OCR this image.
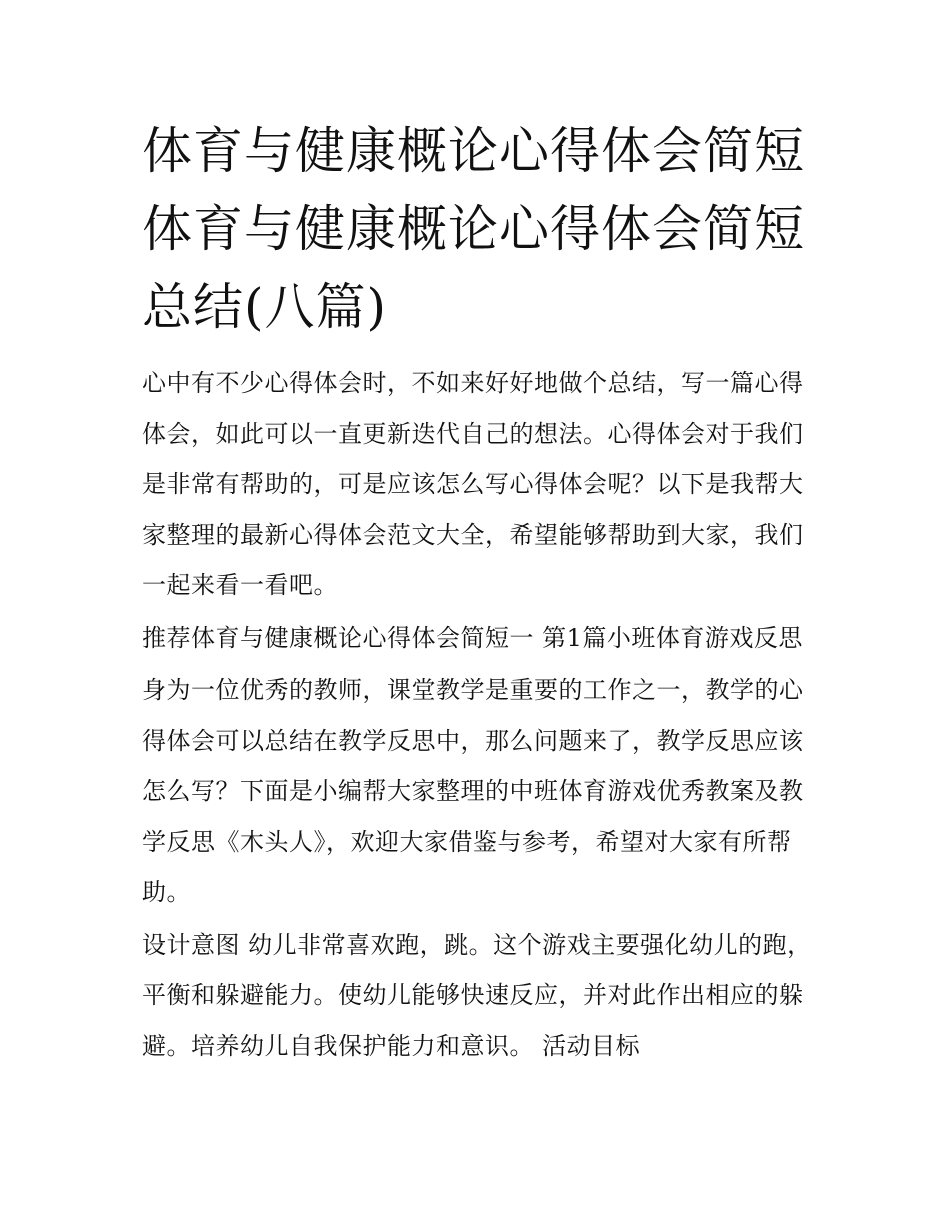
体育与健康概论心得体会简短
体育与健康概论心得体会简短
总结(八篇)

心中有不少心得体会时，不如来好好地做个总结，写一篇心得体会，如此可以一直更新迭代自己的想法。心得体会对于我们是非常有帮助的，可是应该怎么写心得体会呢？以下是我帮大家整理的最新心得体会范文大全，希望能够帮助到大家，我们一起来看一看吧。

推荐体育与健康概论心得体会简短一 第1篇小班体育游戏反思

身为一位优秀的教师，课堂教学是重要的工作之一，教学的心得体会可以总结在教学反思中，那么问题来了，教学反思应该怎么写？下面是小编帮大家整理的中班体育游戏优秀教案及教学反思《木头人》，欢迎大家借鉴与参考，希望对大家有所帮助。

设计意图 幼儿非常喜欢跑，跳。这个游戏主要强化幼儿的跑，平衡和躲避能力。使幼儿能够快速反应，并对此作出相应的躲避。培养幼儿自我保护能力和意识。 活动目标
